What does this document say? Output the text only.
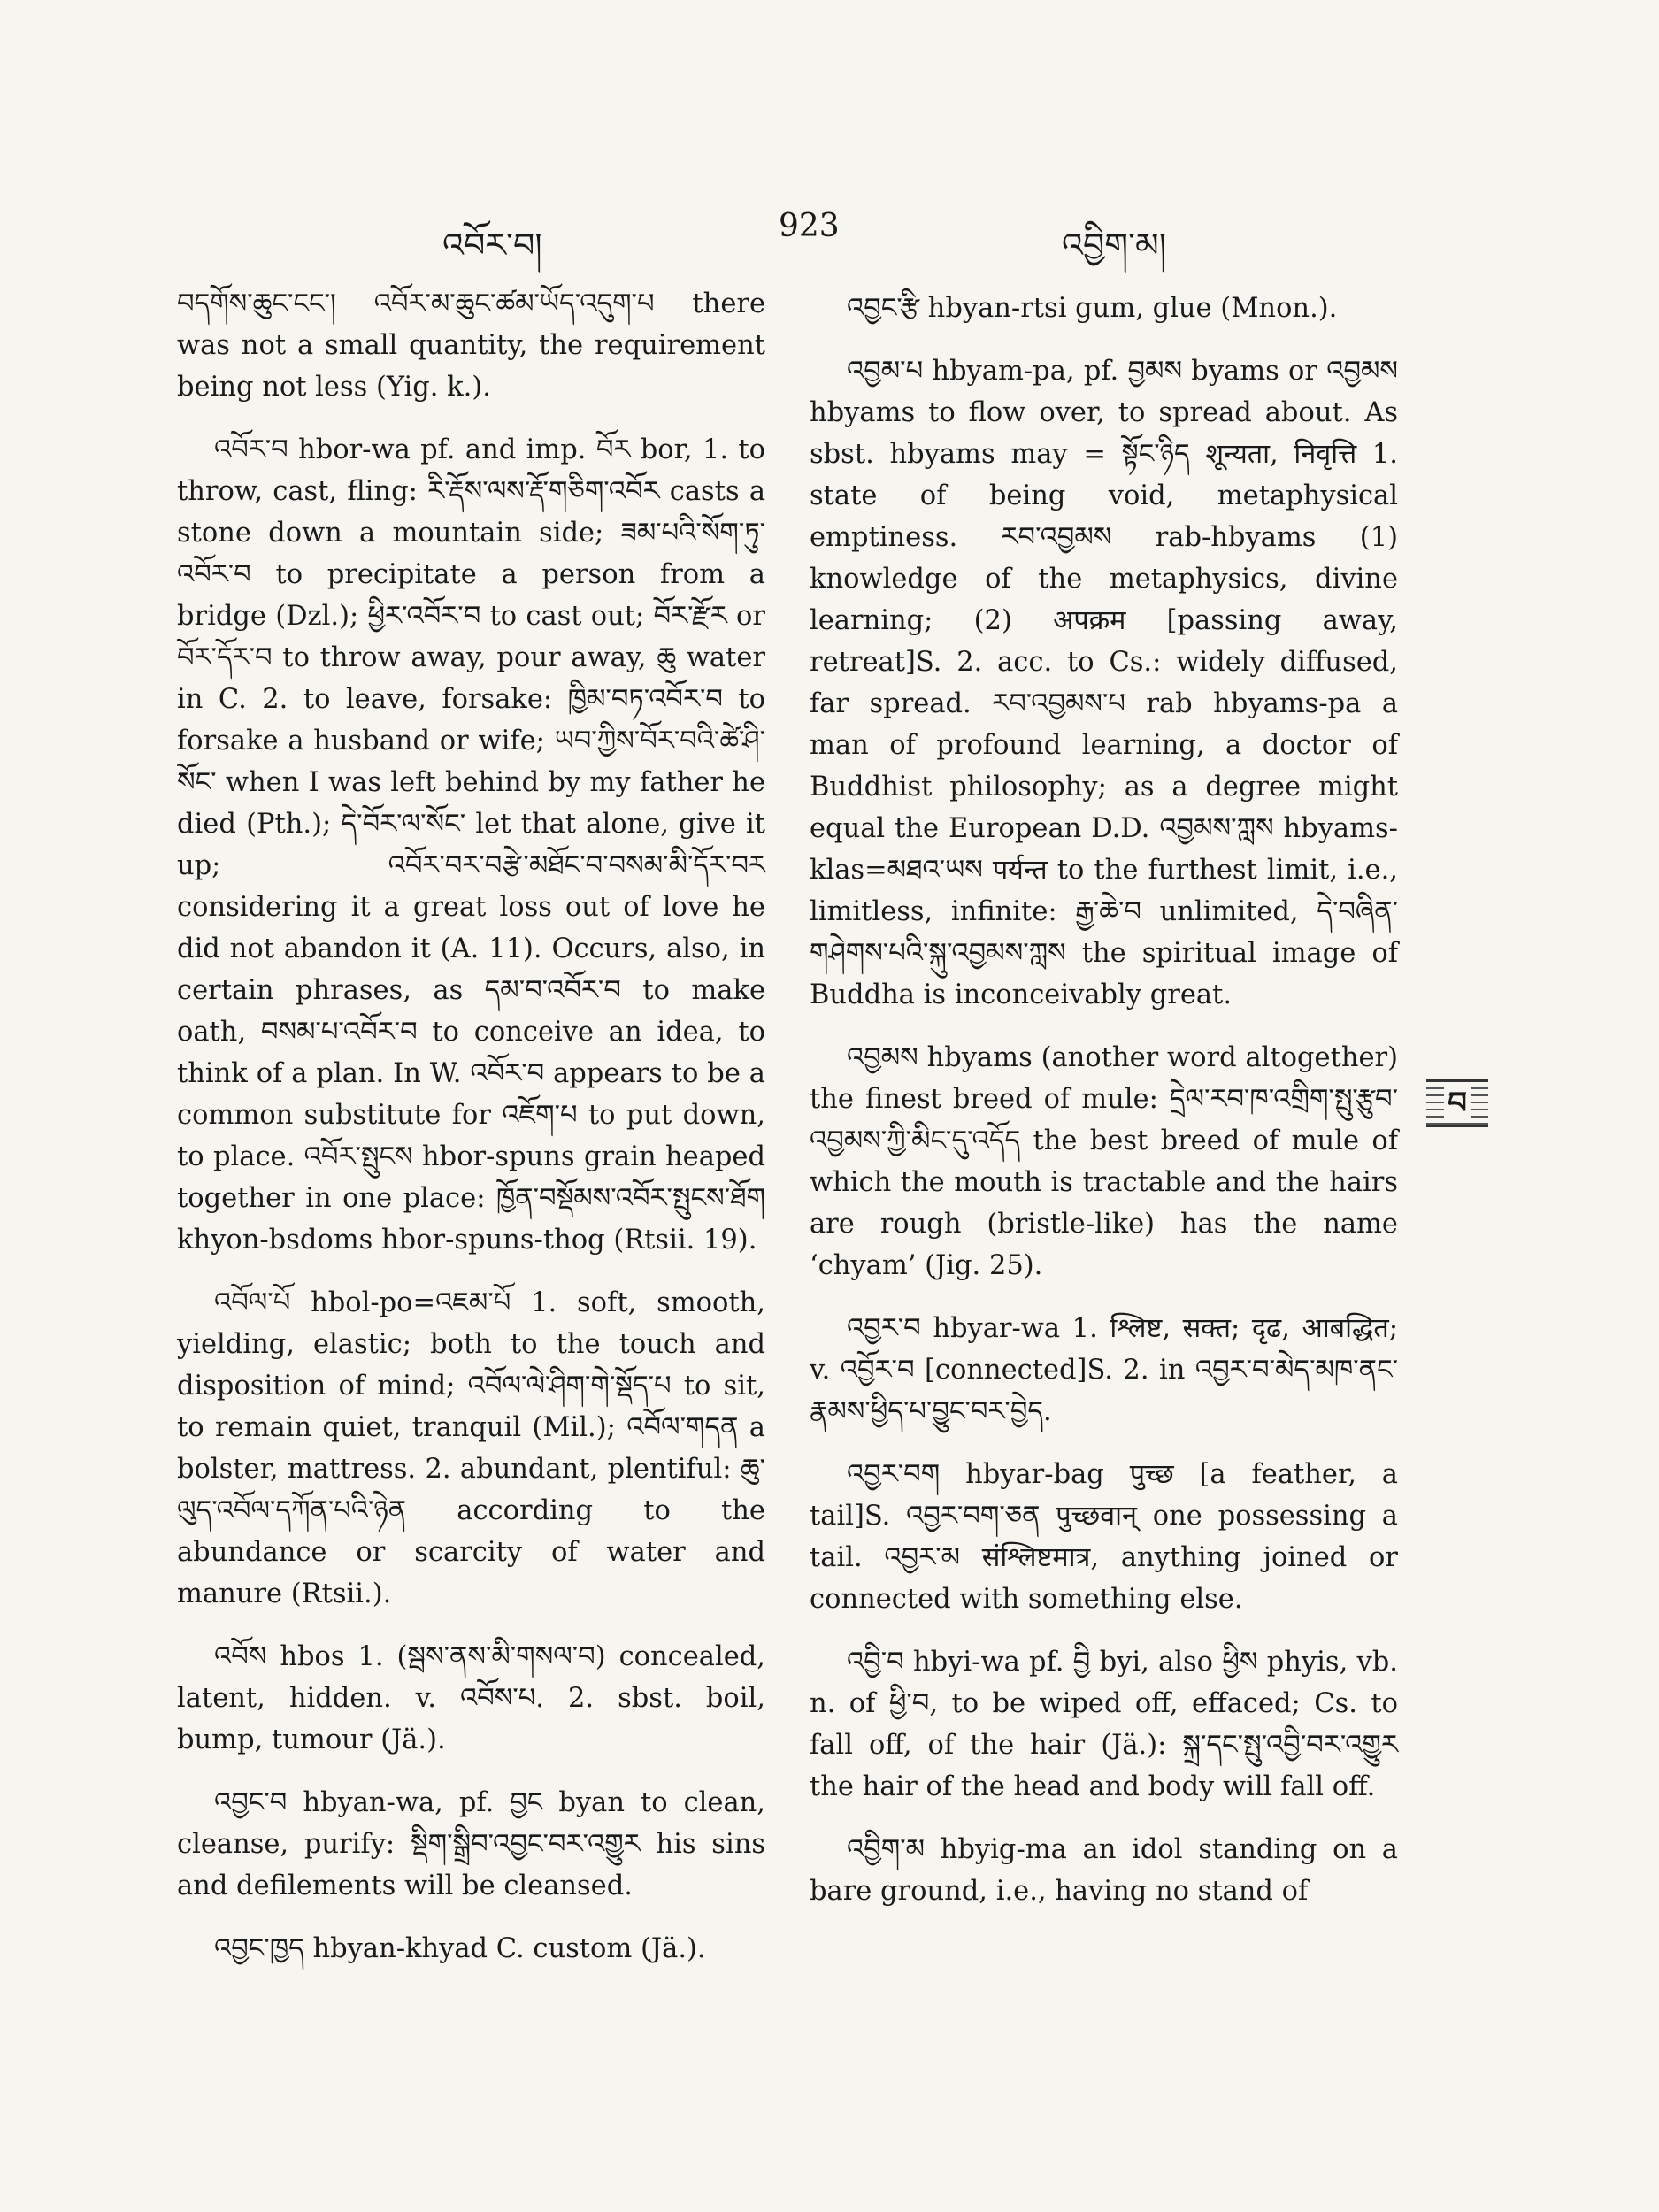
འབོར་བ།	923	འབྱིག་མ།

བདགོས་ཆུང་ངང་། འབོར་མ་ཆུང་ཚམ་ཡོད་འདུག་པ there was not a small quantity, the requirement being not less (Yig. k.).

འབོར་བ hbor-wa pf. and imp. བོར bor, 1. to throw, cast, fling: རི་རྡོས་ལས་རྡོ་གཅིག་འབོར casts a stone down a mountain side; ཟམ་པའི་སོག་ཏུ་འབོར་བ to precipitate a person from a bridge (Dzl.); ཕྱིར་འབོར་བ to cast out; བོར་རྫོར or བོར་དོར་བ to throw away, pour away, ཆུ water in C. 2. to leave, forsake: ཁྱིམ་བཏ་འབོར་བ to forsake a husband or wife; ཡབ་ཀྱིས་བོར་བའི་ཚེ་ཤི་སོང་ when I was left behind by my father he died (Pth.); དེ་བོར་ལ་སོང་ let that alone, give it up; འབོར་བར་བརྩེ་མཐོང་བ་བསམ་མི་དོར་བར considering it a great loss out of love he did not abandon it (A. 11). Occurs, also, in certain phrases, as དམ་བ་འབོར་བ to make oath, བསམ་པ་འབོར་བ to conceive an idea, to think of a plan. In W. འབོར་བ appears to be a common substitute for འཇོག་པ to put down, to place. འབོར་སྤུངས hbor-spuns grain heaped together in one place: ཁྱོན་བསྡོམས་འབོར་སྤུངས་ཐོག khyon-bsdoms hbor-spuns-thog (Rtsii. 19).

འབོལ་པོ hbol-po=འཇམ་པོ 1. soft, smooth, yielding, elastic; both to the touch and disposition of mind; འབོལ་ལེ་ཤིག་གེ་སྡོད་པ to sit, to remain quiet, tranquil (Mil.); འབོལ་གདན a bolster, mattress. 2. abundant, plentiful: ཆུ་ལུད་འབོལ་དཀོན་པའི་ཉེན according to the abundance or scarcity of water and manure (Rtsii.).

འབོས hbos 1. (སྦས་ནས་མི་གསལ་བ) concealed, latent, hidden. v. འབོས་པ. 2. sbst. boil, bump, tumour (Jä.).

འབྱང་བ hbyan-wa, pf. བྱང byan to clean, cleanse, purify: སྡིག་སྒྲིབ་འབྱང་བར་འགྱུར his sins and defilements will be cleansed.

འབྱང་ཁྱད hbyan-khyad C. custom (Jä.).

འབྱང་རྩི hbyan-rtsi gum, glue (Mnon.).

འབྱམ་པ hbyam-pa, pf. བྱམས byams or འབྱམས hbyams to flow over, to spread about. As sbst. hbyams may = སྟོང་ཉིད शून्यता, निवृत्ति 1. state of being void, metaphysical emptiness. རབ་འབྱམས rab-hbyams (1) knowledge of the metaphysics, divine learning; (2) अपक्रम [passing away, retreat]S. 2. acc. to Cs.: widely diffused, far spread. རབ་འབྱམས་པ rab hbyams-pa a man of profound learning, a doctor of Buddhist philosophy; as a degree might equal the European D.D. འབྱམས་ཀླས hbyams-klas=མཐའ་ཡས पर्यन्त to the furthest limit, i.e., limitless, infinite: རྒྱ་ཆེ་བ unlimited, དེ་བཞིན་གཤེགས་པའི་སྐུ་འབྱམས་ཀླས the spiritual image of Buddha is inconceivably great.

འབྱམས hbyams (another word altogether) the finest breed of mule: དྲེལ་རབ་ཁ་འགྲིག་སྤུ་རྩུབ་འབྱམས་ཀྱི་མིང་དུ་འདོད the best breed of mule of which the mouth is tractable and the hairs are rough (bristle-like) has the name ‘chyam’ (Jig. 25).

འབྱར་བ hbyar-wa 1. श्लिष्ट, सक्त; दृढ, आबद्धित; v. འབྱོར་བ [connected]S. 2. in འབྱར་བ་མེད་མཁ་ནང་རྣམས་ཕྱིད་པ་བྱུང་བར་བྱེད.

འབྱར་བག hbyar-bag पुच्छ [a feather, a tail]S. འབྱར་བག་ཅན पुच्छवान् one possessing a tail. འབྱར་མ संश्लिष्टमात्र, anything joined or connected with something else.

འབྱི་བ hbyi-wa pf. བྱི byi, also ཕྱིས phyis, vb. n. of ཕྱི་བ, to be wiped off, effaced; Cs. to fall off, of the hair (Jä.): སྐྲ་དང་སྤུ་འབྱི་བར་འགྱུར the hair of the head and body will fall off.

འབྱིག་མ hbyig-ma an idol standing on a bare ground, i.e., having no stand of

བ
